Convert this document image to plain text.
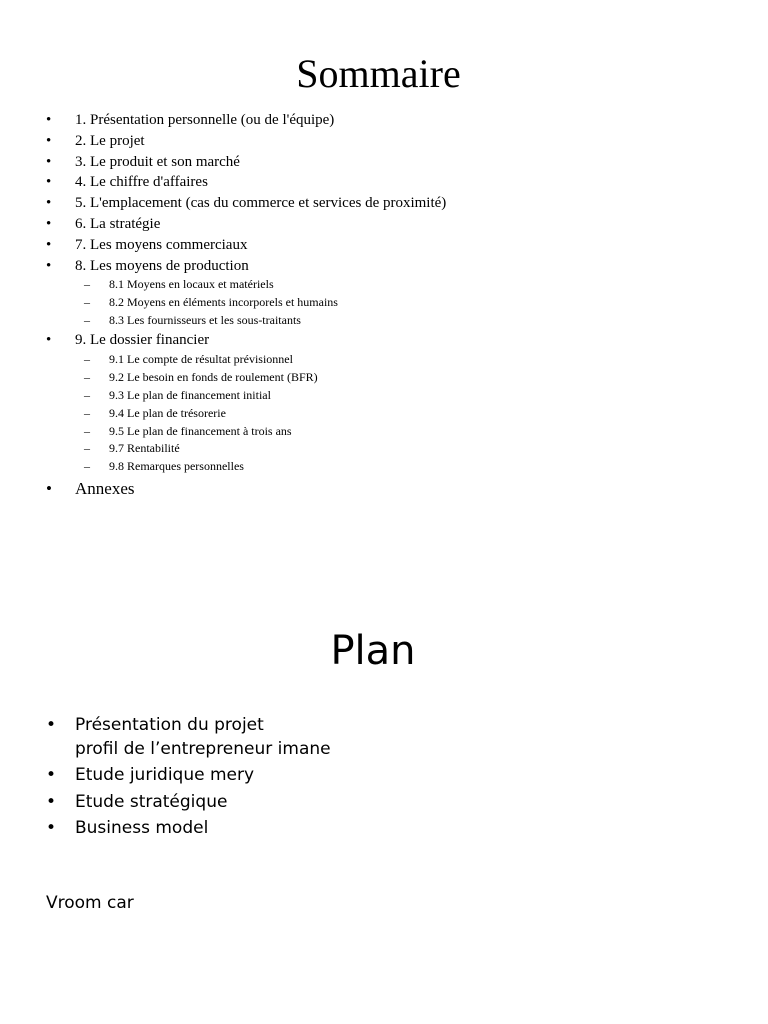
Sommaire
•	1. Présentation personnelle (ou de l'équipe)
•	2. Le projet
•	3. Le produit et son marché
•	4. Le chiffre d'affaires
•	5. L'emplacement (cas du commerce et services de proximité)
•	6. La stratégie
•	7. Les moyens commerciaux
•	8. Les moyens de production
– 8.1 Moyens en locaux et matériels
– 8.2 Moyens en éléments incorporels et humains
– 8.3 Les fournisseurs et les sous-traitants
•	9. Le dossier financier
– 9.1 Le compte de résultat prévisionnel
– 9.2 Le besoin en fonds de roulement (BFR)
– 9.3 Le plan de financement initial
– 9.4 Le plan de trésorerie
– 9.5 Le plan de financement à trois ans
– 9.7 Rentabilité
– 9.8 Remarques personnelles
•	Annexes
Plan
• Présentation du projet
profil de l’entrepreneur imane
• Etude juridique mery
• Etude stratégique
• Business model
Vroom car
